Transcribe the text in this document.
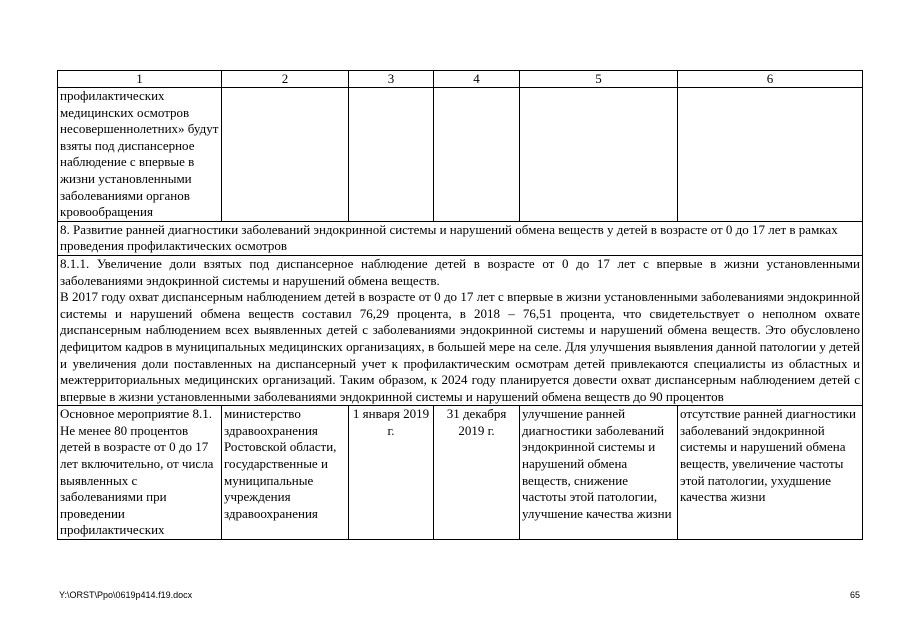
1	2	3	4	5	6
профилактических медицинских осмотров несовершеннолетних» будут взяты под диспансерное наблюдение с впервые в жизни установленными заболеваниями органов кровообращения					
8. Развитие ранней диагностики заболеваний эндокринной системы и нарушений обмена веществ у детей в возрасте от 0 до 17 лет в рамках проведения профилактических осмотров					

8.1.1. Увеличение доли взятых под диспансерное наблюдение детей в возрасте от 0 до 17 лет с впервые в жизни установленными заболеваниями эндокринной системы и нарушений обмена веществ.
В 2017 году охват диспансерным наблюдением детей в возрасте от 0 до 17 лет с впервые в жизни установленными заболеваниями эндокринной системы и нарушений обмена веществ составил 76,29 процента, в 2018 – 76,51 процента, что свидетельствует о неполном охвате диспансерным наблюдением всех выявленных детей с заболеваниями эндокринной системы и нарушений обмена веществ. Это обусловлено дефицитом кадров в муниципальных медицинских организациях, в большей мере на селе. Для улучшения выявления данной патологии у детей и увеличения доли поставленных на диспансерный учет к профилактическим осмотрам детей привлекаются специалисты из областных и межтерриториальных медицинских организаций. Таким образом, к 2024 году планируется довести охват диспансерным наблюдением детей с впервые в жизни установленными заболеваниями эндокринной системы и нарушений обмена веществ до 90 процентов					

Основное мероприятие 8.1. Не менее 80 процентов детей в возрасте от 0 до 17 лет включительно, от числа выявленных с заболеваниями при проведении профилактических	министерство здравоохранения Ростовской области, государственные и муниципальные учреждения здравоохранения	1 января 2019 г.	31 декабря 2019 г.	улучшение ранней диагностики заболеваний эндокринной системы и нарушений обмена веществ, снижение частоты этой патологии, улучшение качества жизни	отсутствие ранней диагностики заболеваний эндокринной системы и нарушений обмена веществ, увеличение частоты этой патологии, ухудшение качества жизни
Y:\ORST\Ppo\0619p414.f19.docx	65
